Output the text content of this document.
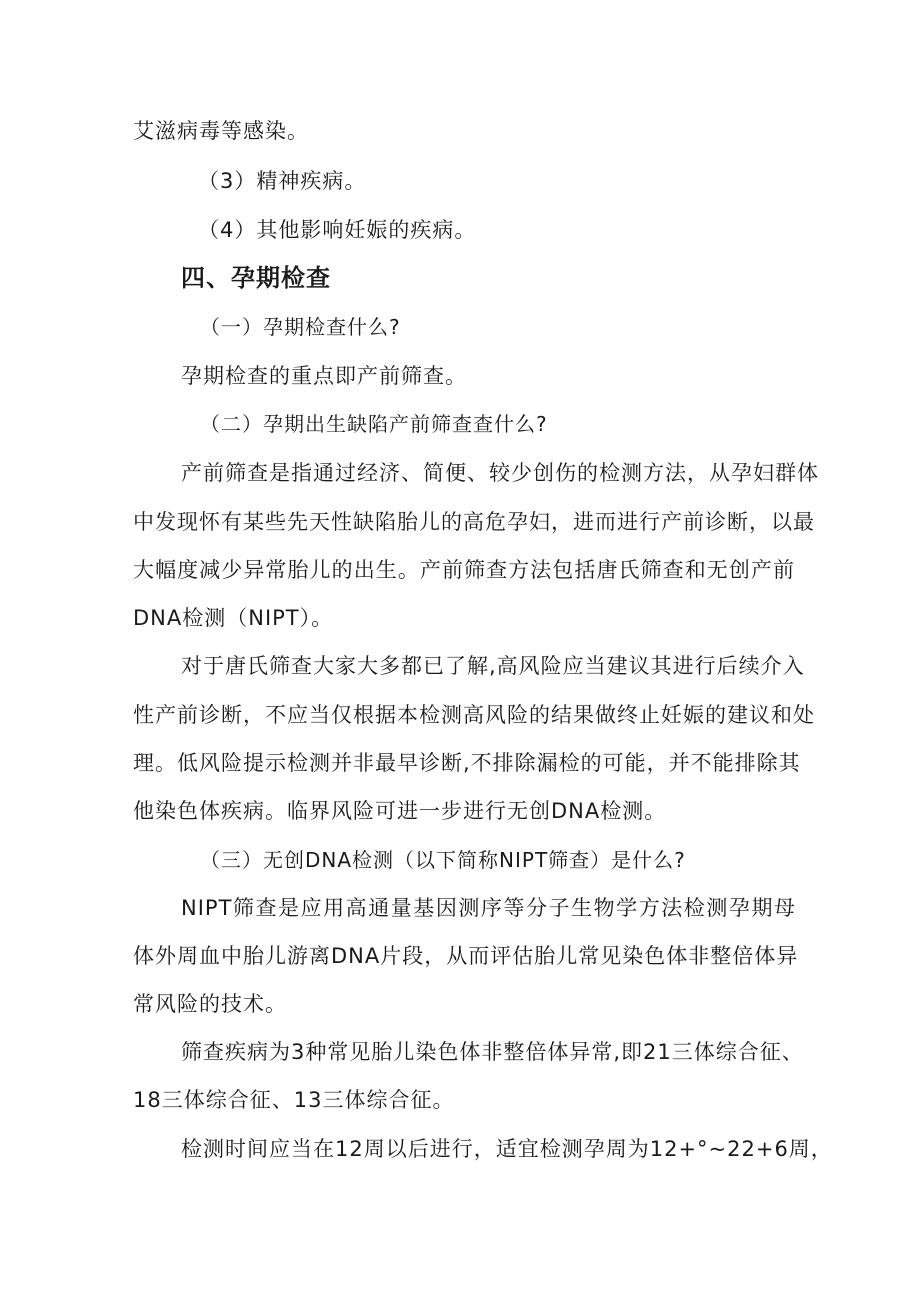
艾滋病毒等感染。
（3）精神疾病。
（4）其他影响妊娠的疾病。
四、孕期检查
（一）孕期检查什么?
孕期检查的重点即产前筛查。
（二）孕期出生缺陷产前筛查查什么?
产前筛查是指通过经济、简便、较少创伤的检测方法，从孕妇群体
中发现怀有某些先天性缺陷胎儿的高危孕妇，进而进行产前诊断，以最
大幅度减少异常胎儿的出生。产前筛查方法包括唐氏筛查和无创产前
DNA检测（NIPT）。
对于唐氏筛查大家大多都已了解,高风险应当建议其进行后续介入
性产前诊断，不应当仅根据本检测高风险的结果做终止妊娠的建议和处
理。低风险提示检测并非最早诊断,不排除漏检的可能，并不能排除其
他染色体疾病。临界风险可进一步进行无创DNA检测。
（三）无创DNA检测（以下简称NIPT筛查）是什么?
NIPT筛查是应用高通量基因测序等分子生物学方法检测孕期母
体外周血中胎儿游离DNA片段，从而评估胎儿常见染色体非整倍体异
常风险的技术。
筛查疾病为3种常见胎儿染色体非整倍体异常,即21三体综合征、
18三体综合征、13三体综合征。
检测时间应当在12周以后进行，适宜检测孕周为12+°~22+6周，
